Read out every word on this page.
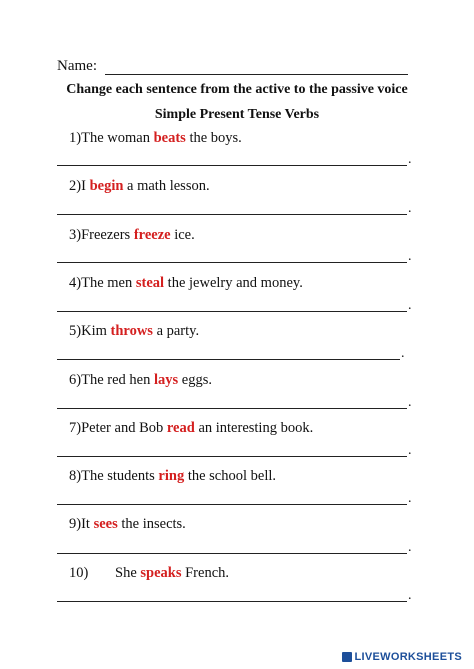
Name:
Change each sentence from the active to the passive voice
Simple Present Tense Verbs
1)The woman beats the boys.
.
2)I begin a math lesson.
.
3)Freezers freeze ice.
.
4)The men steal the jewelry and money.
.
5)Kim throws a party.
.
6)The red hen lays eggs.
.
7)Peter and Bob read an interesting book.
.
8)The students ring the school bell.
.
9)It sees the insects.
.
10) She speaks French.
.
LIVEWORKSHEETS
